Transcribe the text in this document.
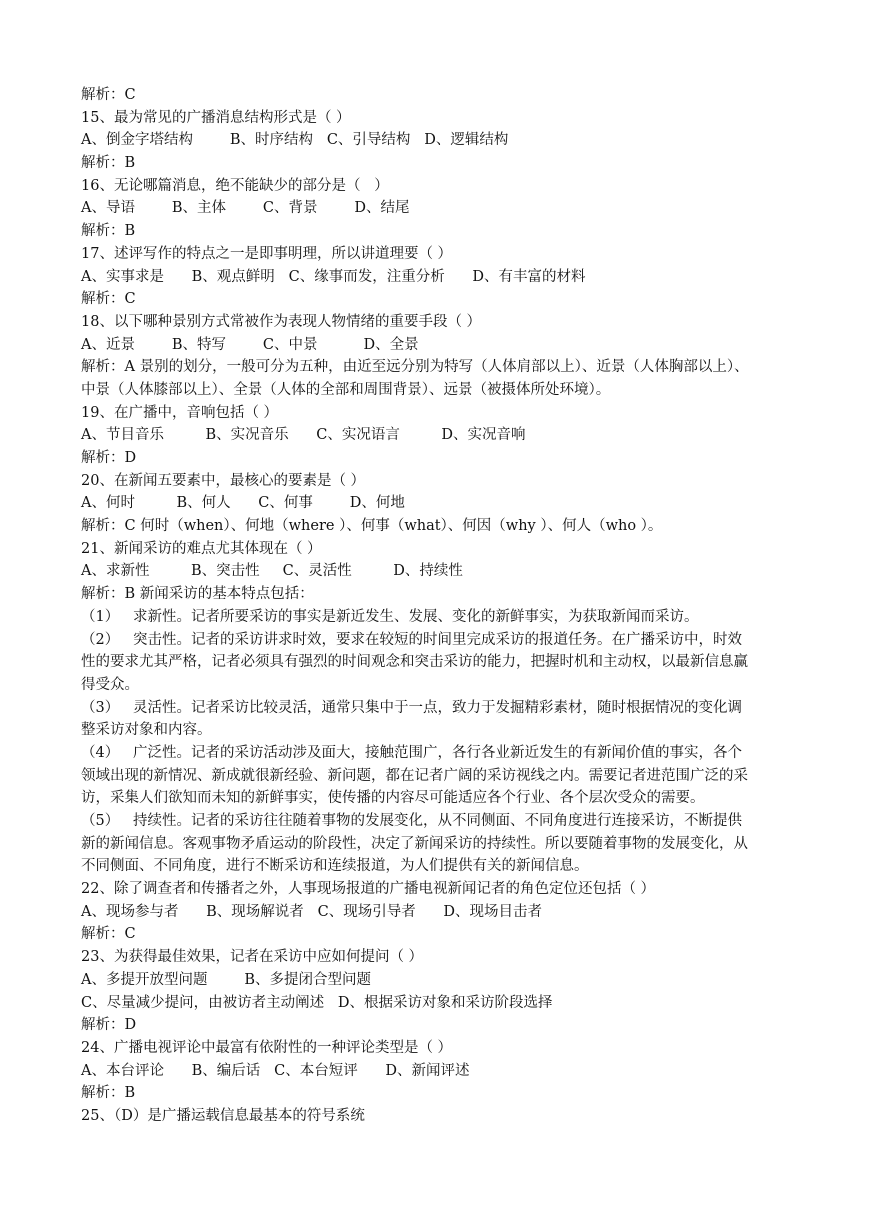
解析：C
15、最为常见的广播消息结构形式是（ ）
A、倒金字塔结构        B、时序结构   C、引导结构   D、逻辑结构
解析：B
16、无论哪篇消息，绝不能缺少的部分是（   ）
A、导语        B、主体        C、背景        D、结尾
解析：B
17、述评写作的特点之一是即事明理，所以讲道理要（ ）
A、实事求是      B、观点鲜明   C、缘事而发，注重分析      D、有丰富的材料
解析：C
18、以下哪种景别方式常被作为表现人物情绪的重要手段（ ）
A、近景        B、特写        C、中景          D、全景
解析：A 景别的划分，一般可分为五种，由近至远分别为特写（人体肩部以上）、近景（人体胸部以上）、
中景（人体膝部以上）、全景（人体的全部和周围背景）、远景（被摄体所处环境）。
19、在广播中，音响包括（ ）
A、节目音乐         B、实况音乐      C、实况语言         D、实况音响
解析：D
20、在新闻五要素中，最核心的要素是（ ）
A、何时         B、何人      C、何事        D、何地
解析：C 何时（when）、何地（where ）、何事（what）、何因（why ）、何人（who ）。
21、新闻采访的难点尤其体现在（ ）
A、求新性         B、突击性     C、灵活性         D、持续性
解析：B 新闻采访的基本特点包括：
（1）   求新性。记者所要采访的事实是新近发生、发展、变化的新鲜事实，为获取新闻而采访。
（2）   突击性。记者的采访讲求时效，要求在较短的时间里完成采访的报道任务。在广播采访中，时效
性的要求尤其严格，记者必须具有强烈的时间观念和突击采访的能力，把握时机和主动权，以最新信息赢
得受众。
（3）   灵活性。记者采访比较灵活，通常只集中于一点，致力于发掘精彩素材，随时根据情况的变化调
整采访对象和内容。
（4）   广泛性。记者的采访活动涉及面大，接触范围广，各行各业新近发生的有新闻价值的事实，各个
领域出现的新情况、新成就很新经验、新问题，都在记者广阔的采访视线之内。需要记者进范围广泛的采
访，采集人们欲知而未知的新鲜事实，使传播的内容尽可能适应各个行业、各个层次受众的需要。
（5）   持续性。记者的采访往往随着事物的发展变化，从不同侧面、不同角度进行连接采访，不断提供
新的新闻信息。客观事物矛盾运动的阶段性，决定了新闻采访的持续性。所以要随着事物的发展变化，从
不同侧面、不同角度，进行不断采访和连续报道，为人们提供有关的新闻信息。
22、除了调查者和传播者之外，人事现场报道的广播电视新闻记者的角色定位还包括（ ）
A、现场参与者      B、现场解说者   C、现场引导者      D、现场目击者
解析：C
23、为获得最佳效果，记者在采访中应如何提问（ ）
A、多提开放型问题        B、多提闭合型问题
C、尽量减少提问，由被访者主动阐述   D、根据采访对象和采访阶段选择
解析：D
24、广播电视评论中最富有依附性的一种评论类型是（ ）
A、本台评论      B、编后话   C、本台短评      D、新闻评述
解析：B
25、（D）是广播运载信息最基本的符号系统
